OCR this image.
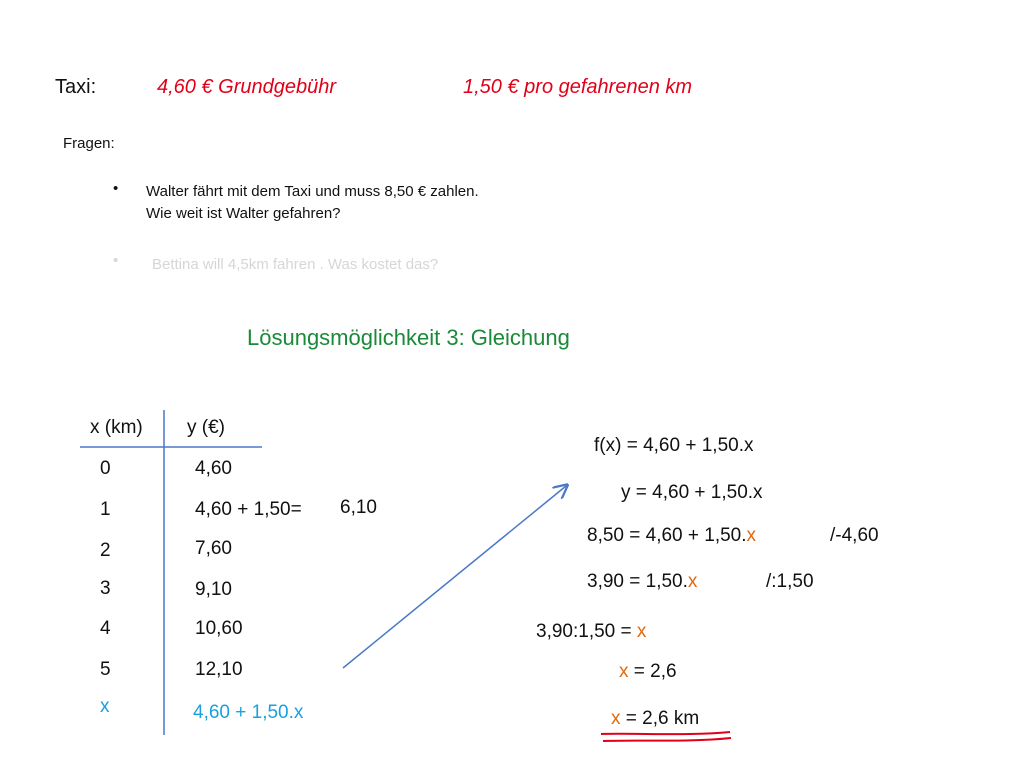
Taxi:	4,60 € Grundgebühr	1,50 € pro gefahrenen km
Fragen:
• Walter fährt mit dem Taxi und muss 8,50 € zahlen.
Wie weit ist Walter gefahren?
• Bettina will 4,5km fahren . Was kostet das?
Lösungsmöglichkeit 3: Gleichung
x (km) y (€)
0	4,60
1	4,60 + 1,50= 6,10
2	7,60
3	9,10
4	10,60
5	12,10
x	4,60 + 1,50.x
f(x) = 4,60 + 1,50.x
y = 4,60 + 1,50.x
8,50 = 4,60 + 1,50.x	/-4,60
3,90 = 1,50.x	/:1,50
3,90:1,50 = x
x = 2,6
x = 2,6 km
